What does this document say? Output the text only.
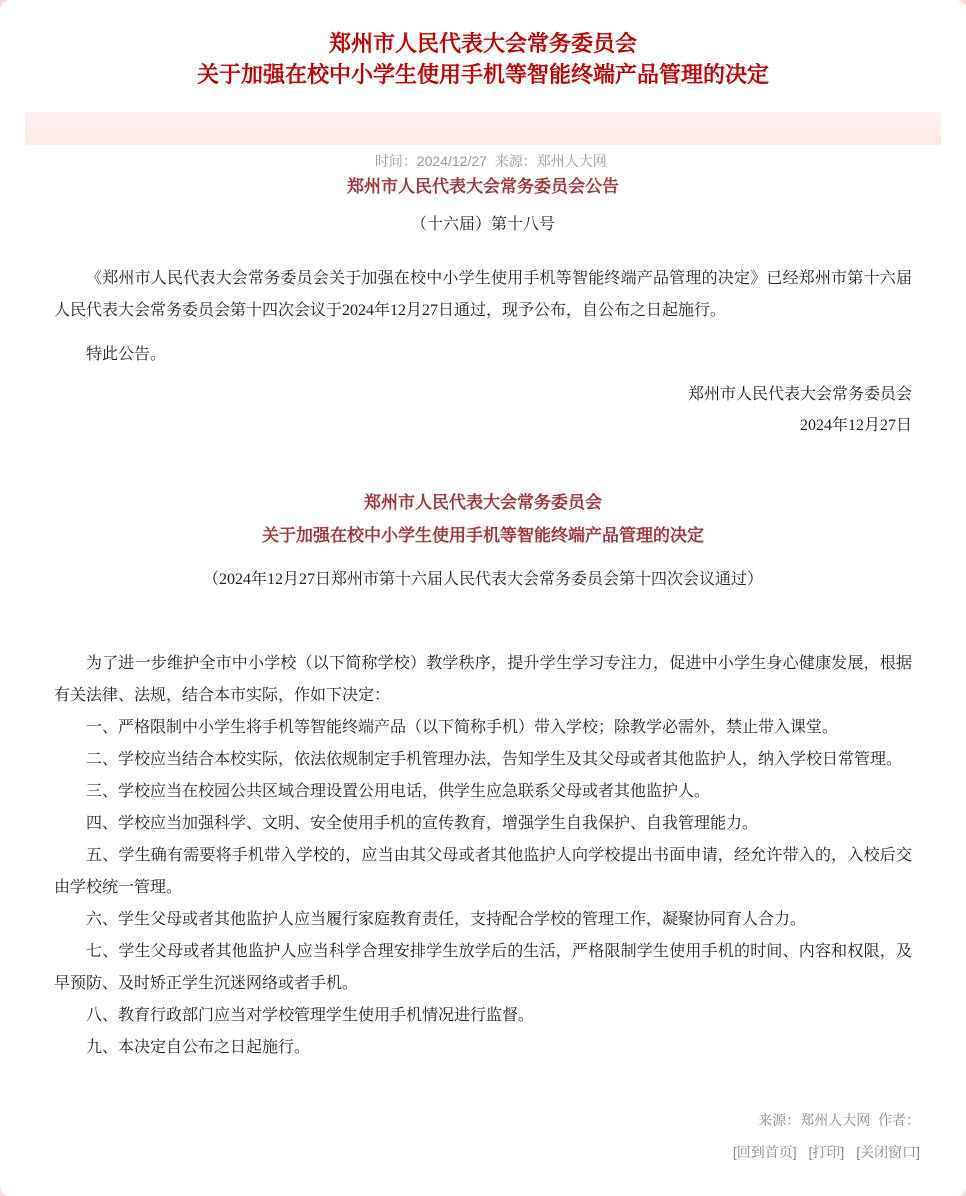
郑州市人民代表大会常务委员会
关于加强在校中小学生使用手机等智能终端产品管理的决定

时间：2024/12/27  来源：郑州人大网

郑州市人民代表大会常务委员会公告

（十六届）第十八号

《郑州市人民代表大会常务委员会关于加强在校中小学生使用手机等智能终端产品管理的决定》已经郑州市第十六届人民代表大会常务委员会第十四次会议于2024年12月27日通过，现予公布，自公布之日起施行。

特此公告。

郑州市人民代表大会常务委员会
2024年12月27日
郑州市人民代表大会常务委员会
关于加强在校中小学生使用手机等智能终端产品管理的决定

（2024年12月27日郑州市第十六届人民代表大会常务委员会第十四次会议通过）

为了进一步维护全市中小学校（以下简称学校）教学秩序，提升学生学习专注力，促进中小学生身心健康发展，根据有关法律、法规，结合本市实际，作如下决定：

一、严格限制中小学生将手机等智能终端产品（以下简称手机）带入学校；除教学必需外，禁止带入课堂。

二、学校应当结合本校实际，依法依规制定手机管理办法，告知学生及其父母或者其他监护人，纳入学校日常管理。

三、学校应当在校园公共区域合理设置公用电话，供学生应急联系父母或者其他监护人。

四、学校应当加强科学、文明、安全使用手机的宣传教育，增强学生自我保护、自我管理能力。

五、学生确有需要将手机带入学校的，应当由其父母或者其他监护人向学校提出书面申请，经允许带入的，入校后交由学校统一管理。

六、学生父母或者其他监护人应当履行家庭教育责任，支持配合学校的管理工作，凝聚协同育人合力。

七、学生父母或者其他监护人应当科学合理安排学生放学后的生活，严格限制学生使用手机的时间、内容和权限，及早预防、及时矫正学生沉迷网络或者手机。

八、教育行政部门应当对学校管理学生使用手机情况进行监督。

九、本决定自公布之日起施行。

来源：郑州人大网  作者：
[回到首页] [打印] [关闭窗口]
